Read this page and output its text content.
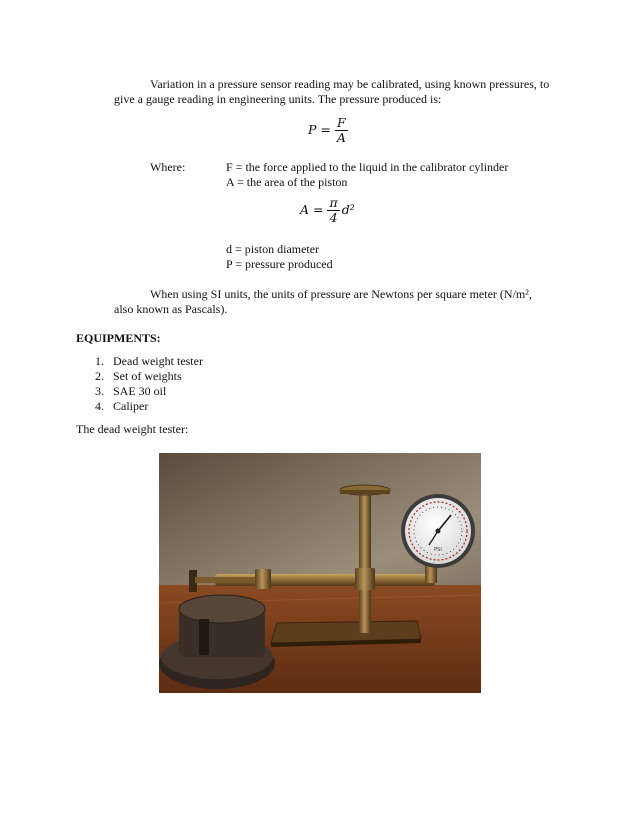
Variation in a pressure sensor reading may be calibrated, using known pressures, to
give a gauge reading in engineering units. The pressure produced is:
$P = \frac{F}{A}$
Where:	F = the force applied to the liquid in the calibrator cylinder
A = the area of the piston
$A = \frac{\pi}{4} d^2$
d = piston diameter
P = pressure produced
When using SI units, the units of pressure are Newtons per square meter (N/m²,
also known as Pascals).
EQUIPMENTS:
1. Dead weight tester
2. Set of weights
3. SAE 30 oil
4. Caliper
The dead weight tester:
PSI
